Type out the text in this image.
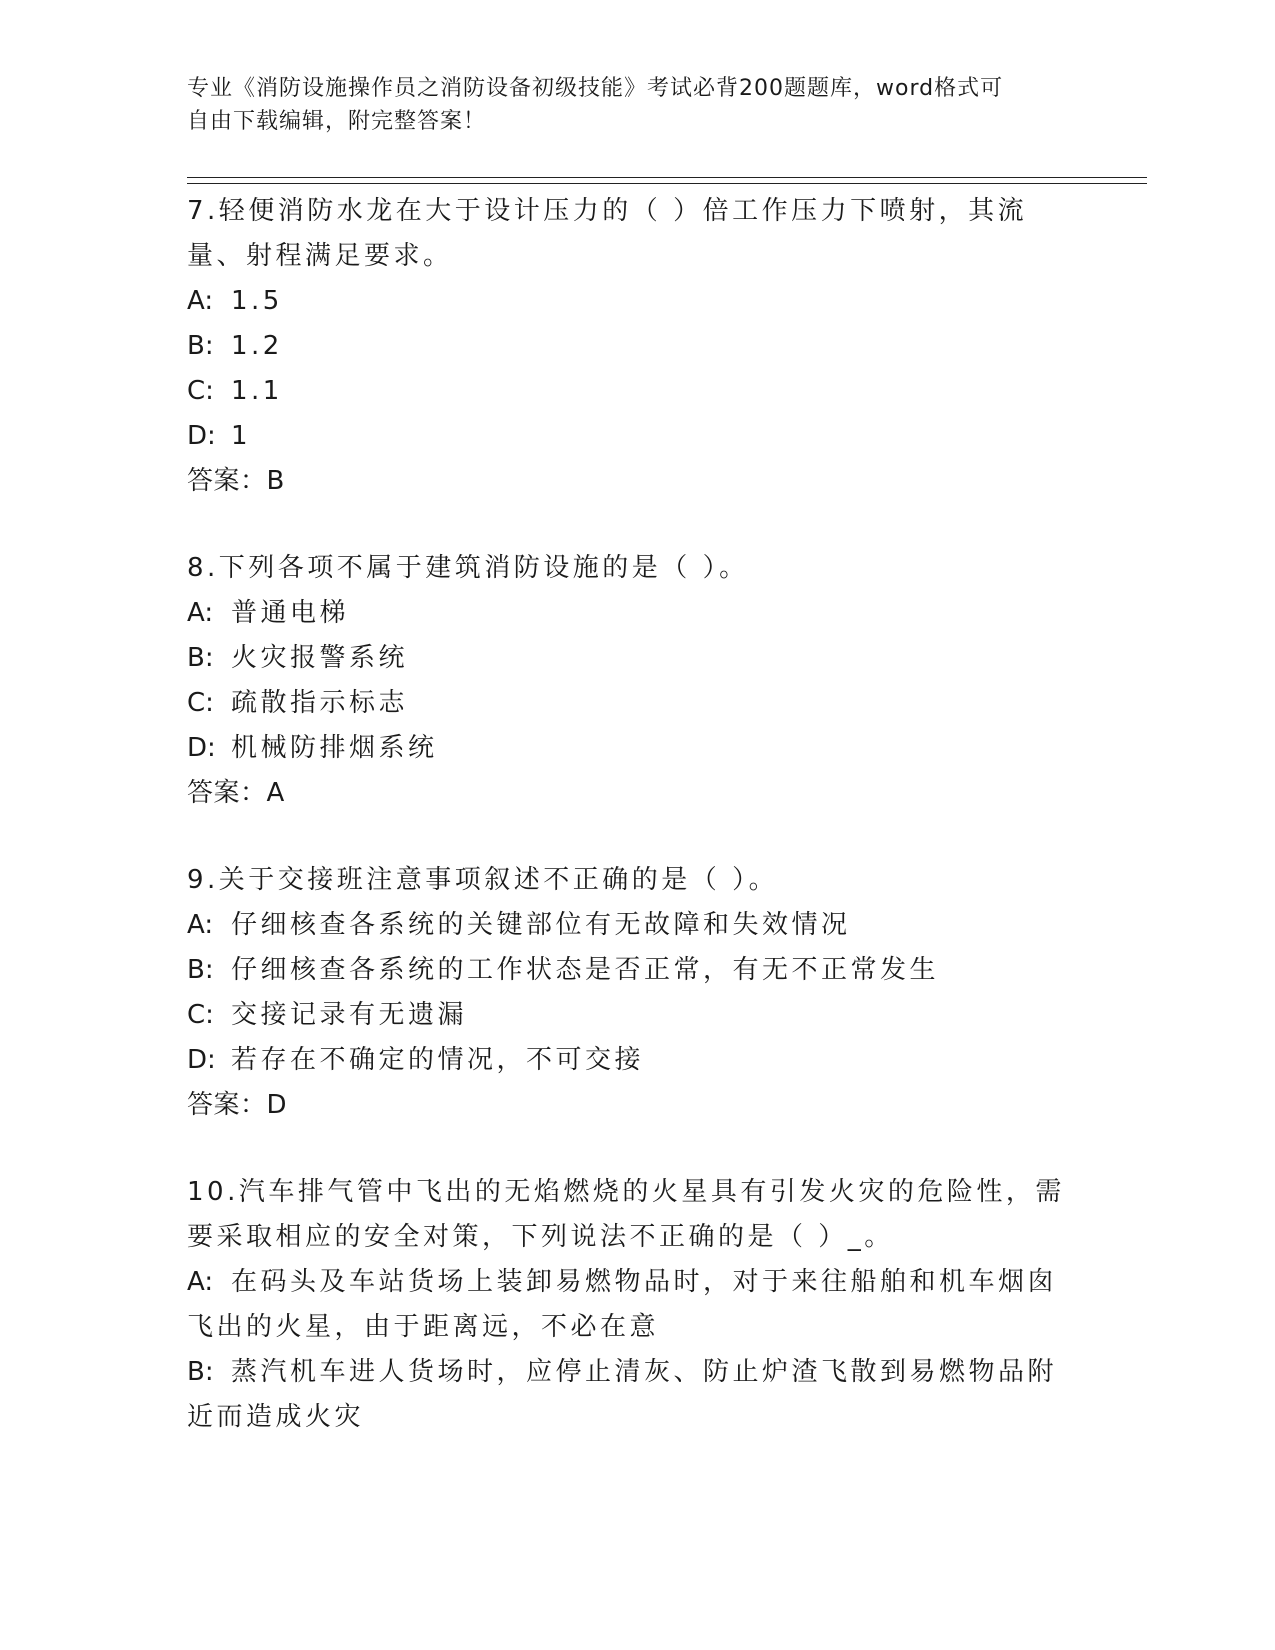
专业《消防设施操作员之消防设备初级技能》考试必背200题题库，word格式可
自由下载编辑，附完整答案！

7.轻便消防水龙在大于设计压力的（ ）倍工作压力下喷射，其流量、射程满足要求。

A: 1.5

B: 1.2

C: 1.1

D: 1

答案：B

8.下列各项不属于建筑消防设施的是（ ）。

A: 普通电梯

B: 火灾报警系统

C: 疏散指示标志

D: 机械防排烟系统

答案：A

9.关于交接班注意事项叙述不正确的是（ ）。

A: 仔细核查各系统的关键部位有无故障和失效情况

B: 仔细核查各系统的工作状态是否正常，有无不正常发生

C: 交接记录有无遗漏

D: 若存在不确定的情况，不可交接

答案：D

10.汽车排气管中飞出的无焰燃烧的火星具有引发火灾的危险性，需要采取相应的安全对策，下列说法不正确的是（ ）_。

A: 在码头及车站货场上装卸易燃物品时，对于来往船舶和机车烟囱飞出的火星，由于距离远，不必在意

B: 蒸汽机车进人货场时，应停止清灰、防止炉渣飞散到易燃物品附近而造成火灾
